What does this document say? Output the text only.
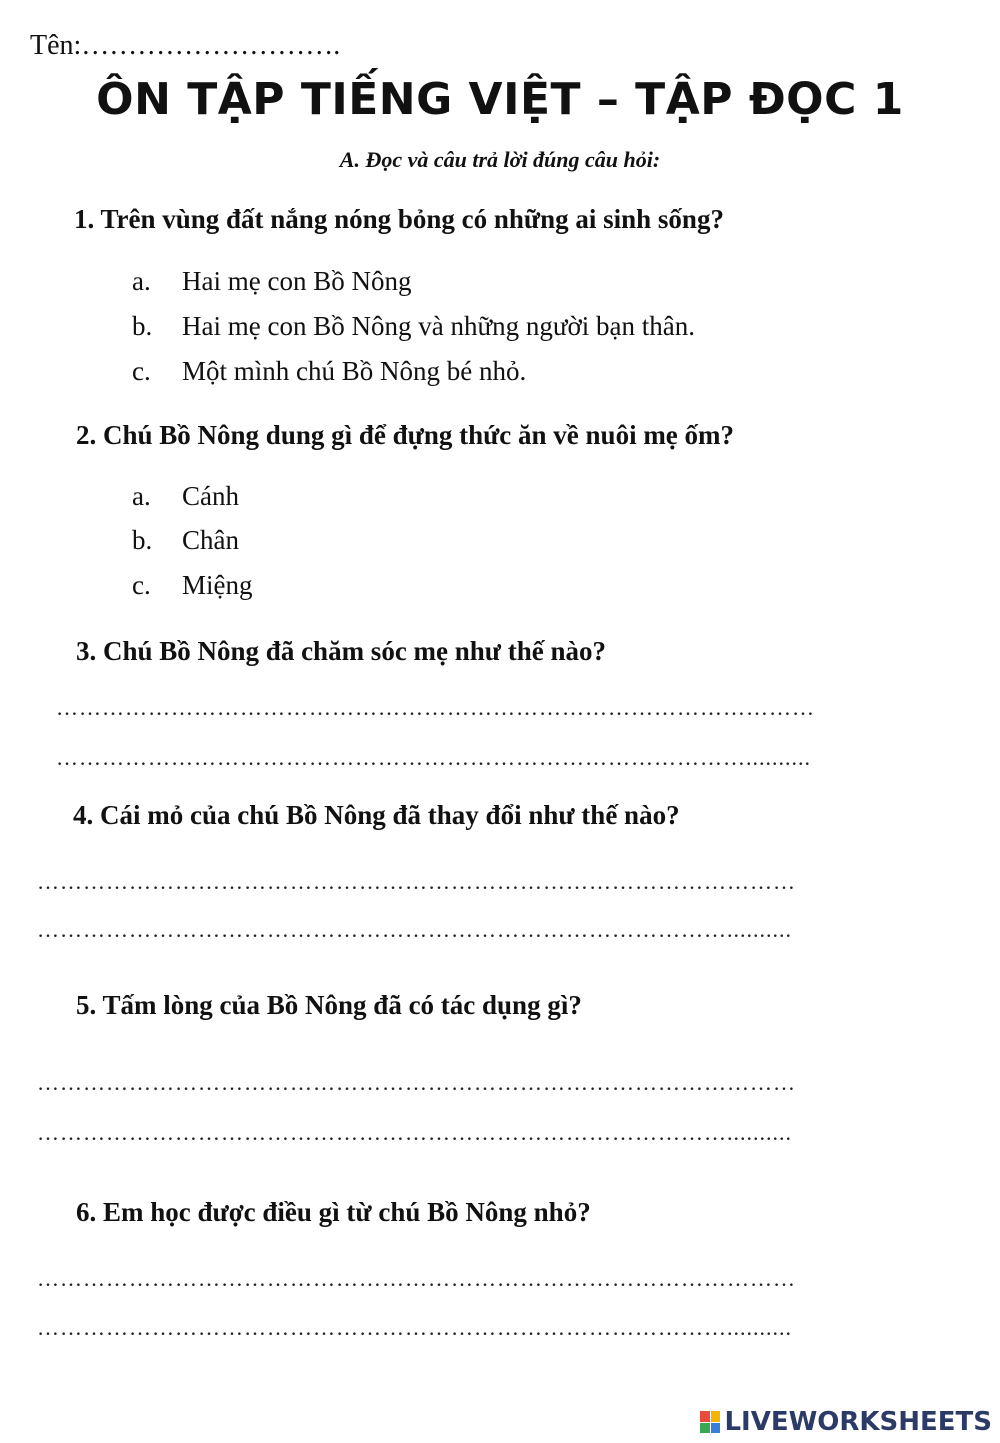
Tên:……………………….
ÔN TẬP TIẾNG VIỆT – TẬP ĐỌC 1
A. Đọc và câu trả lời đúng câu hỏi:
1. Trên vùng đất nắng nóng bỏng có những ai sinh sống?
a. Hai mẹ con Bồ Nông
b. Hai mẹ con Bồ Nông và những người bạn thân.
c. Một mình chú Bồ Nông bé nhỏ.
2. Chú Bồ Nông dung gì để đựng thức ăn về nuôi mẹ ốm?
a. Cánh
b. Chân
c. Miệng
3. Chú Bồ Nông đã chăm sóc mẹ như thế nào?
………………………………………………………………………………………
………………………………………………………………………………..........
4. Cái mỏ của chú Bồ Nông đã thay đổi như thế nào?
………………………………………………………………………………………
………………………………………………………………………………..........
5. Tấm lòng của Bồ Nông đã có tác dụng gì?
………………………………………………………………………………………
………………………………………………………………………………..........
6. Em học được điều gì từ chú Bồ Nông nhỏ?
………………………………………………………………………………………
………………………………………………………………………………..........
LIVEWORKSHEETS
